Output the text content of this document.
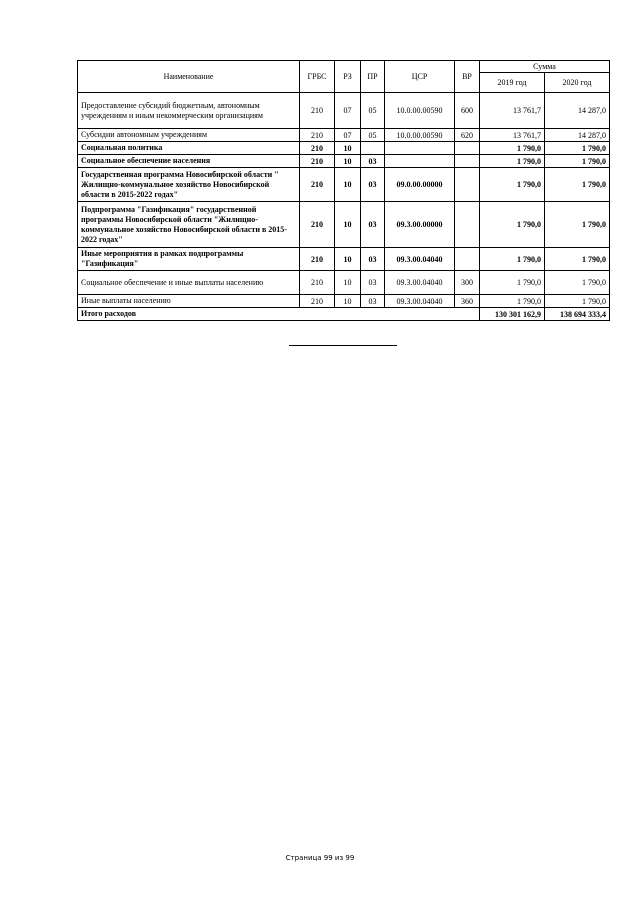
Наименование	ГРБС	РЗ	ПР	ЦСР	ВР	Сумма	
						2019 год	2020 год
Предоставление субсидий бюджетным, автономным учреждениям и иным некоммерческим организациям	210	07	05	10.0.00.00590	600	13 761,7	14 287,0
Субсидии автономным учреждениям	210	07	05	10.0.00.00590	620	13 761,7	14 287,0
Социальная политика	210	10				1 790,0	1 790,0
Социальное обеспечение населения	210	10	03			1 790,0	1 790,0
Государственная программа Новосибирской области " Жилищно-коммунальное хозяйство Новосибирской области в 2015-2022 годах"	210	10	03	09.0.00.00000		1 790,0	1 790,0
Подпрограмма "Газификация" государственной программы Новосибирской области "Жилищно-коммунальное хозяйство Новосибирской области в 2015-2022 годах"	210	10	03	09.3.00.00000		1 790,0	1 790,0
Иные мероприятия в рамках подпрограммы "Газификация"	210	10	03	09.3.00.04040		1 790,0	1 790,0
Социальное обеспечение и иные выплаты населению	210	10	03	09.3.00.04040	300	1 790,0	1 790,0
Иные выплаты населению	210	10	03	09.3.00.04040	360	1 790,0	1 790,0
Итого расходов						130 301 162,9	138 694 333,4
Страница 99 из 99
